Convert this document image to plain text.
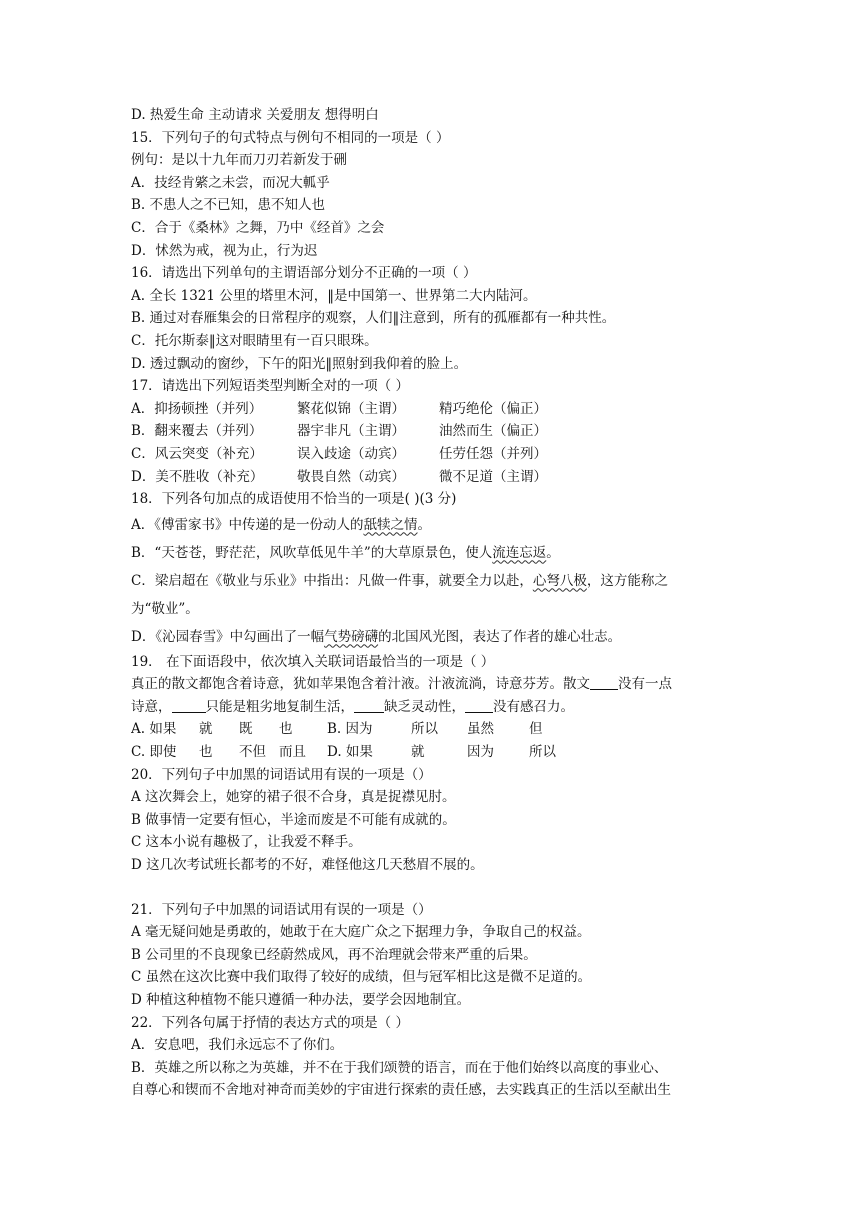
D. 热爱生命 主动请求 关爱朋友 想得明白
15．下列句子的句式特点与例句不相同的一项是（ ）
例句：是以十九年而刀刃若新发于硎
A．技经肯綮之未尝，而况大軱乎
B. 不患人之不已知，患不知人也
C．合于《桑林》之舞，乃中《经首》之会
D．怵然为戒，视为止，行为迟
16．请选出下列单句的主谓语部分划分不正确的一项（ ）
A. 全长 1321 公里的塔里木河，‖是中国第一、世界第二大内陆河。
B. 通过对春雁集会的日常程序的观察，人们‖注意到，所有的孤雁都有一种共性。
C．托尔斯泰‖这对眼睛里有一百只眼珠。
D. 透过飘动的窗纱，下午的阳光‖照射到我仰着的脸上。
17．请选出下列短语类型判断全对的一项（ ）
A．抑扬顿挫（并列）	繁花似锦（主谓）	精巧绝伦（偏正）
B．翻来覆去（并列）	器宇非凡（主谓）	油然而生（偏正）
C．风云突变（补充）	误入歧途（动宾）	任劳任怨（并列）
D．美不胜收（补充）	敬畏自然（动宾）	微不足道（主谓）
18．下列各句加点的成语使用不恰当的一项是( )(3 分)
A．《傅雷家书》中传递的是一份动人的舐犊之情。
B．“天苍苍，野茫茫，风吹草低见牛羊”的大草原景色，使人流连忘返。
C．梁启超在《敬业与乐业》中指出：凡做一件事，就要全力以赴，心弩八极，这方能称之
为“敬业”。
D．《沁园春雪》中勾画出了一幅气势磅礴的北国风光图，表达了作者的雄心壮志。
19． 在下面语段中，依次填入关联词语最恰当的一项是（ ）
真正的散文都饱含着诗意，犹如苹果饱含着汁液。汁液流淌，诗意芬芳。散文 没有一点
诗意，	只能是粗劣地复制生活， 缺乏灵动性， 没有感召力。
A. 如果	就	既	也	B. 因为	所以	虽然	但
C. 即使	也	不但 而且	D. 如果	就	因为	所以
20．下列句子中加黑的词语试用有误的一项是（）
A 这次舞会上，她穿的裙子很不合身，真是捉襟见肘。
B 做事情一定要有恒心，半途而废是不可能有成就的。
C 这本小说有趣极了，让我爱不释手。
D 这几次考试班长都考的不好，难怪他这几天愁眉不展的。
21．下列句子中加黑的词语试用有误的一项是（）
A 毫无疑问她是勇敢的，她敢于在大庭广众之下据理力争，争取自己的权益。
B 公司里的不良现象已经蔚然成风，再不治理就会带来严重的后果。
C 虽然在这次比赛中我们取得了较好的成绩，但与冠军相比这是微不足道的。
D 种植这种植物不能只遵循一种办法，要学会因地制宜。
22．下列各句属于抒情的表达方式的项是（ ）
A．安息吧，我们永远忘不了你们。
B．英雄之所以称之为英雄，并不在于我们颂赞的语言，而在于他们始终以高度的事业心、
自尊心和锲而不舍地对神奇而美妙的宇宙进行探索的责任感，去实践真正的生活以至献出生
